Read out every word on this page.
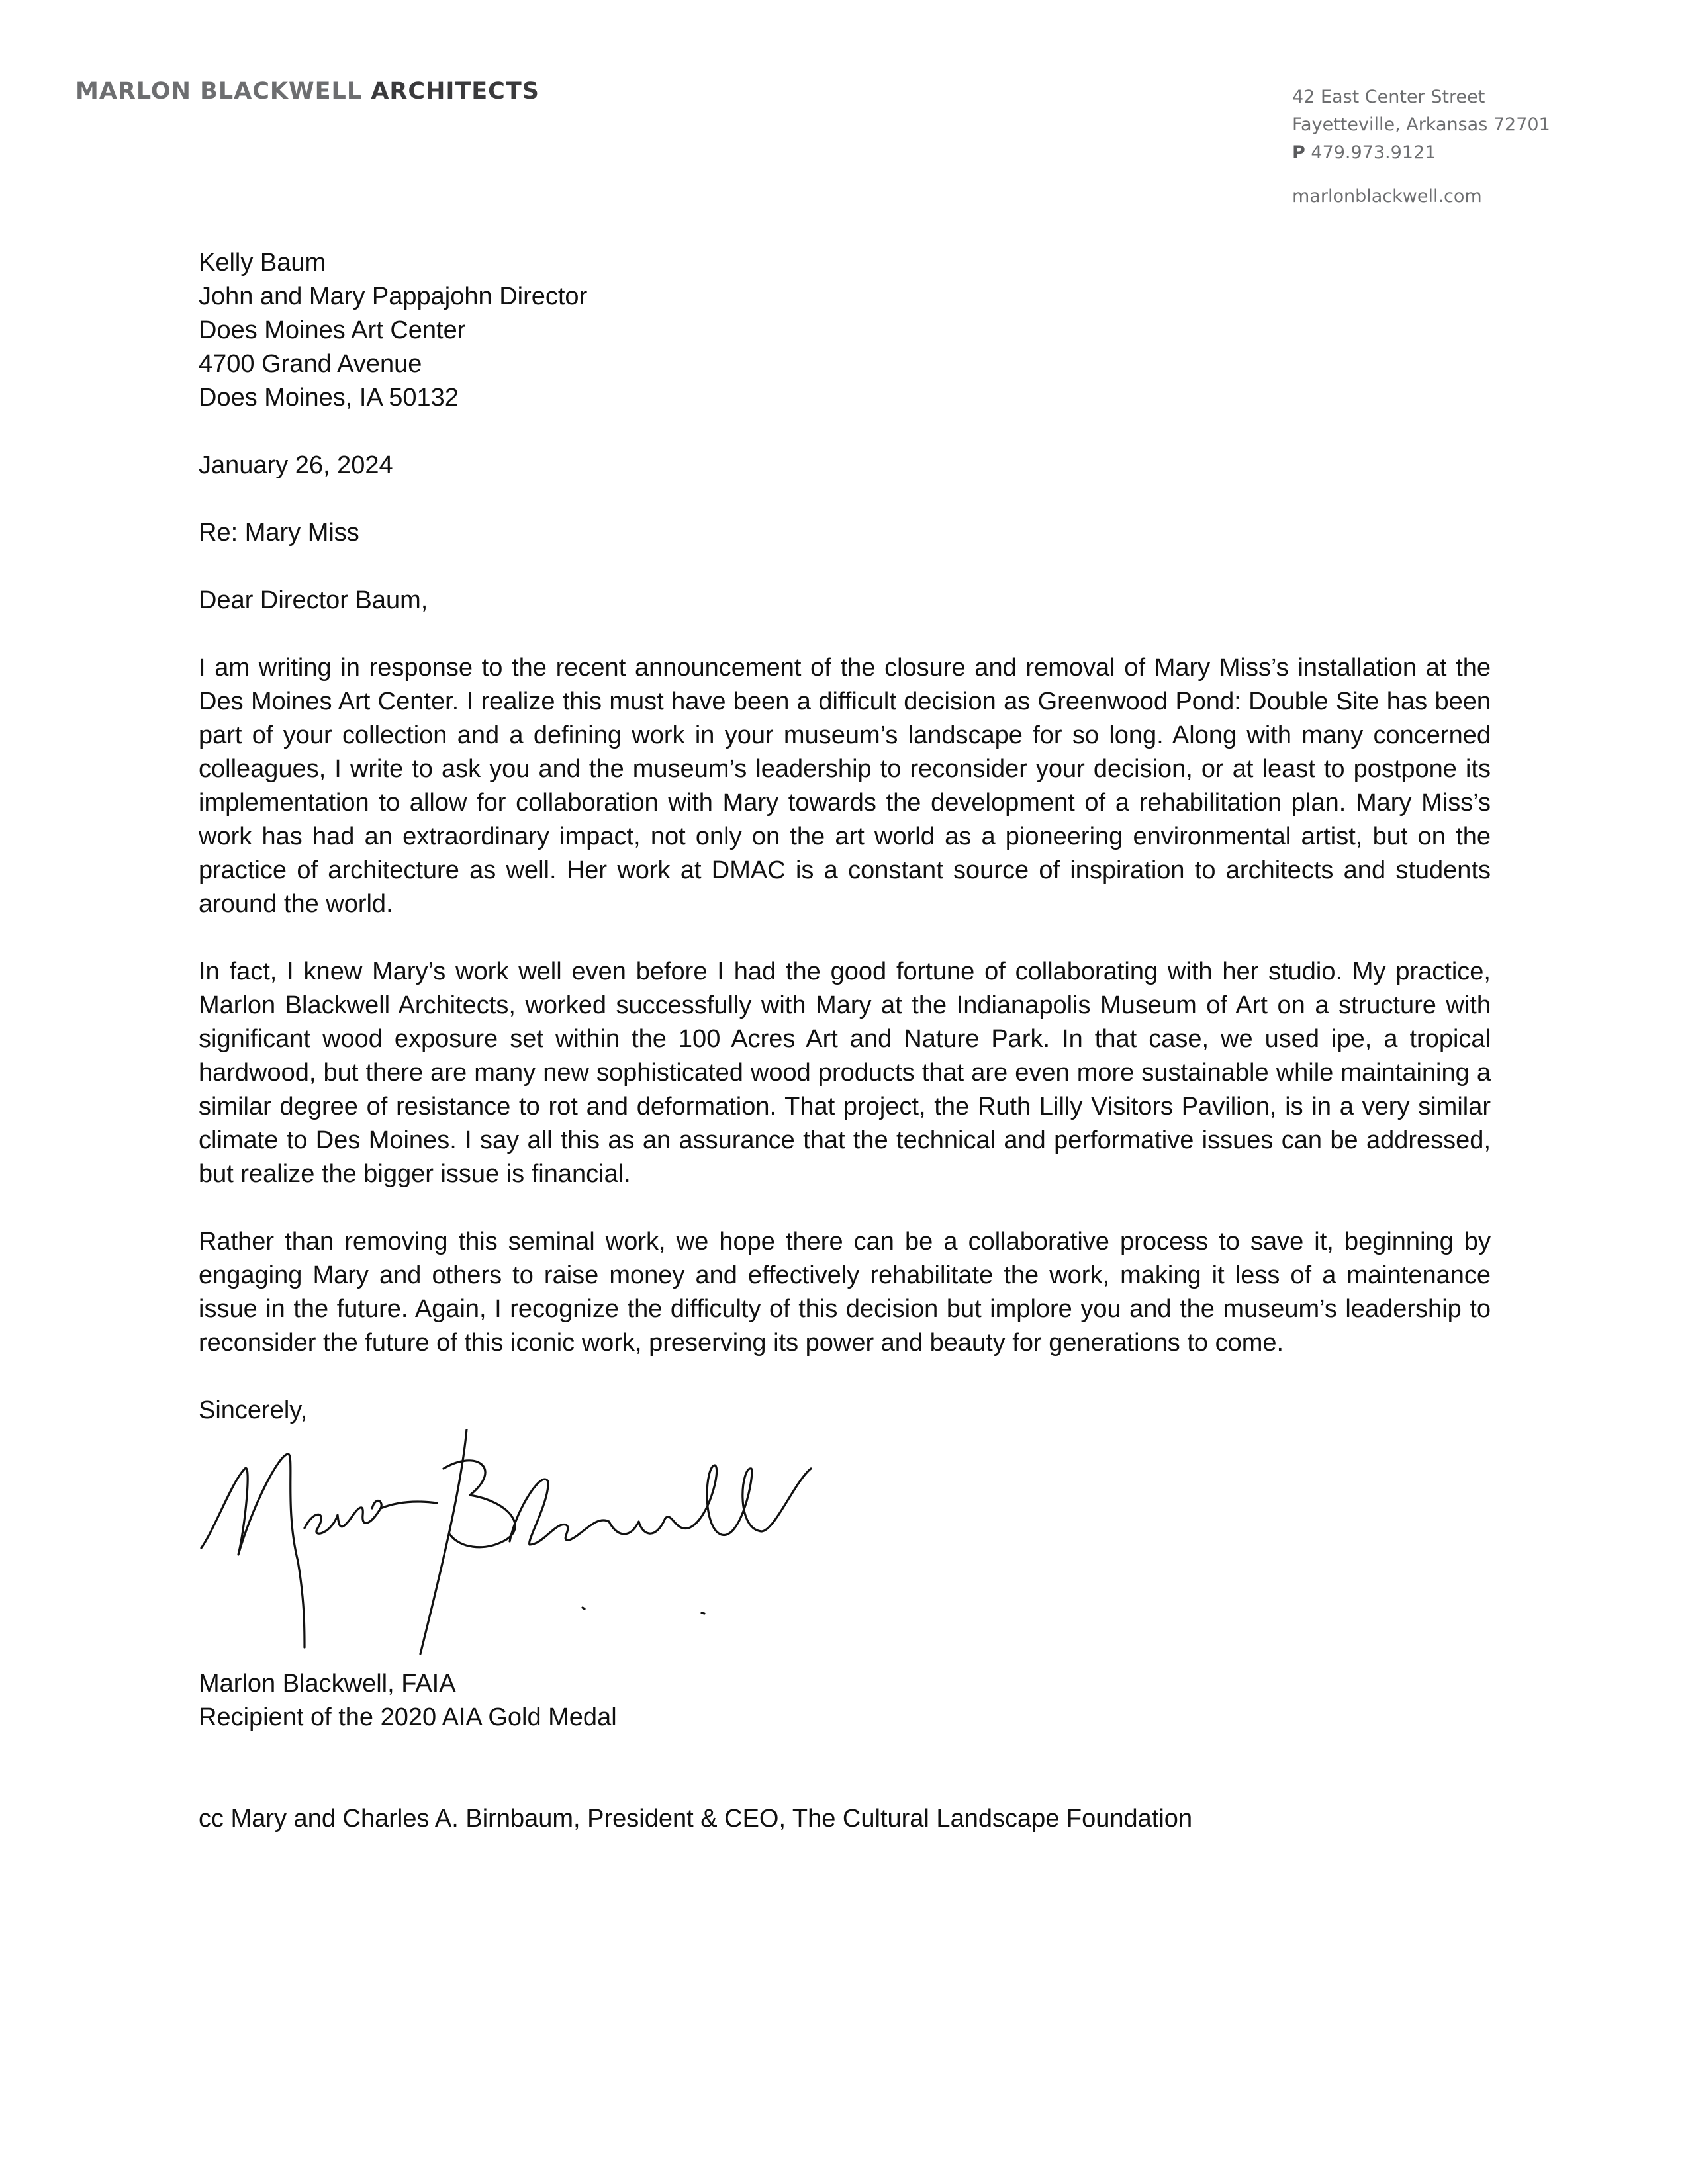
MARLON BLACKWELL ARCHITECTS	42 East Center Street
Fayetteville, Arkansas 72701
P 479.973.9121
marlonblackwell.com
Kelly Baum
John and Mary Pappajohn Director
Does Moines Art Center
4700 Grand Avenue
Does Moines, IA 50132
January 26, 2024
Re: Mary Miss
Dear Director Baum,

I am writing in response to the recent announcement of the closure and removal of Mary Miss’s installation at the Des Moines Art Center. I realize this must have been a difficult decision as Greenwood Pond: Double Site has been part of your collection and a defining work in your museum’s landscape for so long. Along with many concerned colleagues, I write to ask you and the museum’s leadership to reconsider your decision, or at least to postpone its implementation to allow for collaboration with Mary towards the development of a rehabilitation plan. Mary Miss’s work has had an extraordinary impact, not only on the art world as a pioneering environmental artist, but on the practice of architecture as well. Her work at DMAC is a constant source of inspiration to architects and students around the world.

In fact, I knew Mary’s work well even before I had the good fortune of collaborating with her studio. My practice, Marlon Blackwell Architects, worked successfully with Mary at the Indianapolis Museum of Art on a structure with significant wood exposure set within the 100 Acres Art and Nature Park. In that case, we used ipe, a tropical hardwood, but there are many new sophisticated wood products that are even more sustainable while maintaining a similar degree of resistance to rot and deformation. That project, the Ruth Lilly Visitors Pavilion, is in a very similar climate to Des Moines. I say all this as an assurance that the technical and performative issues can be addressed, but realize the bigger issue is financial.

Rather than removing this seminal work, we hope there can be a collaborative process to save it, beginning by engaging Mary and others to raise money and effectively rehabilitate the work, making it less of a maintenance issue in the future. Again, I recognize the difficulty of this decision but implore you and the museum’s leadership to reconsider the future of this iconic work, preserving its power and beauty for generations to come.

Sincerely,
Marlon Blackwell, FAIA
Recipient of the 2020 AIA Gold Medal
cc Mary and Charles A. Birnbaum, President & CEO, The Cultural Landscape Foundation
